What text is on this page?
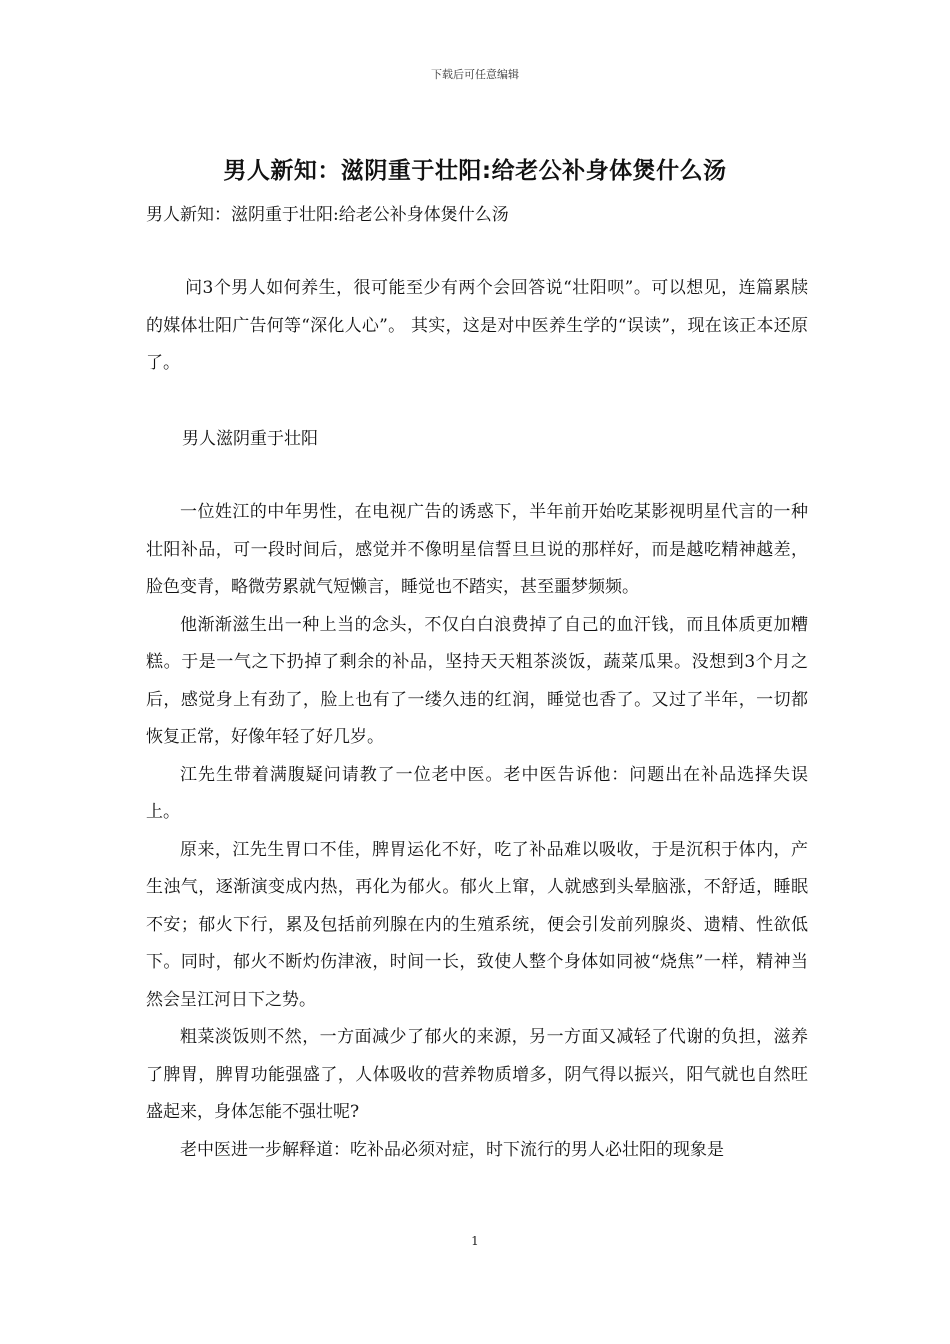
下载后可任意编辑
男人新知：滋阴重于壮阳:给老公补身体煲什么汤
男人新知：滋阴重于壮阳:给老公补身体煲什么汤
问3个男人如何养生，很可能至少有两个会回答说“壮阳呗”。可以想见，连篇累牍的媒体壮阳广告何等“深化人心”。 其实，这是对中医养生学的“误读”，现在该正本还原了。
男人滋阴重于壮阳

一位姓江的中年男性，在电视广告的诱惑下，半年前开始吃某影视明星代言的一种壮阳补品，可一段时间后，感觉并不像明星信誓旦旦说的那样好，而是越吃精神越差，脸色变青，略微劳累就气短懒言，睡觉也不踏实，甚至噩梦频频。

他渐渐滋生出一种上当的念头，不仅白白浪费掉了自己的血汗钱，而且体质更加糟糕。于是一气之下扔掉了剩余的补品，坚持天天粗茶淡饭，蔬菜瓜果。没想到3个月之后，感觉身上有劲了，脸上也有了一缕久违的红润，睡觉也香了。又过了半年，一切都恢复正常，好像年轻了好几岁。

江先生带着满腹疑问请教了一位老中医。老中医告诉他：问题出在补品选择失误上。

原来，江先生胃口不佳，脾胃运化不好，吃了补品难以吸收，于是沉积于体内，产生浊气，逐渐演变成内热，再化为郁火。郁火上窜，人就感到头晕脑涨，不舒适，睡眠不安；郁火下行，累及包括前列腺在内的生殖系统，便会引发前列腺炎、遗精、性欲低下。同时，郁火不断灼伤津液，时间一长，致使人整个身体如同被“烧焦”一样，精神当然会呈江河日下之势。

粗菜淡饭则不然，一方面减少了郁火的来源，另一方面又减轻了代谢的负担，滋养了脾胃，脾胃功能强盛了，人体吸收的营养物质增多，阴气得以振兴，阳气就也自然旺盛起来，身体怎能不强壮呢?

老中医进一步解释道：吃补品必须对症，时下流行的男人必壮阳的现象是

1
